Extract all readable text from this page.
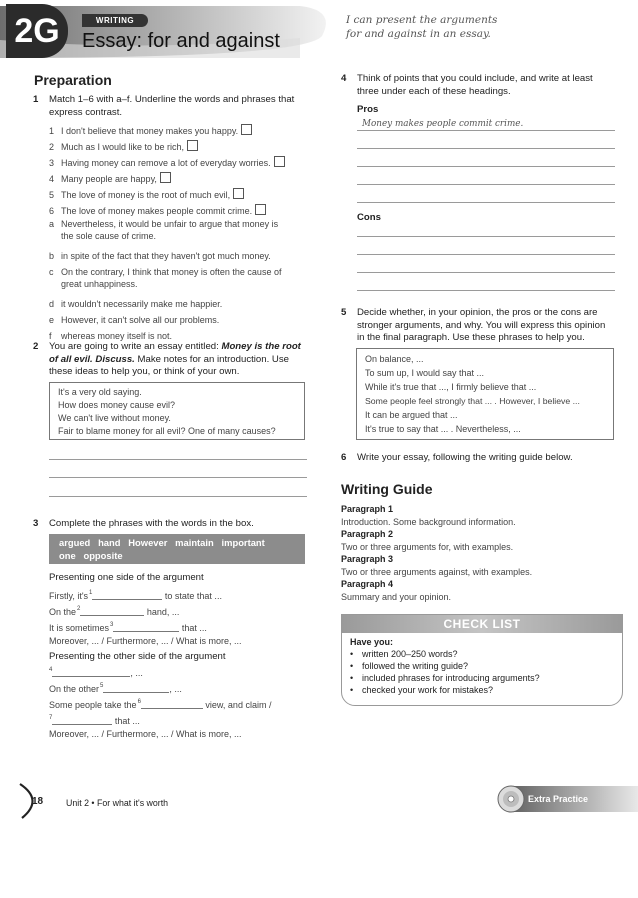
2G	WRITING
Essay: for and against
I can present the arguments
for and against in an essay.
Preparation
1 Match 1–6 with a–f. Underline the words and phrases that express contrast.
1 I don't believe that money makes you happy.
2 Much as I would like to be rich,
3 Having money can remove a lot of everyday worries.
4 Many people are happy,
5 The love of money is the root of much evil,
6 The love of money makes people commit crime.
a Nevertheless, it would be unfair to argue that money is
the sole cause of crime.
b in spite of the fact that they haven't got much money.
c On the contrary, I think that money is often the cause of
great unhappiness.
d it wouldn't necessarily make me happier.
e However, it can't solve all our problems.
f whereas money itself is not.
2 You are going to write an essay entitled: Money is the root
of all evil. Discuss. Make notes for an introduction. Use
these ideas to help you, or think of your own.
It's a very old saying.
How does money cause evil?
We can't live without money.
Fair to blame money for all evil? One of many causes?
3 Complete the phrases with the words in the box.
argued   hand   However   maintain   important
one   opposite
Presenting one side of the argument
Firstly, $it's^1$	to state that ...
On the$^2$	hand, ...
It is sometimes$^3$	that ...
Moreover, ... / Furthermore, ... / What is more, ...
Presenting the other side of the argument
$^4$	, ...
On the other$^5$	, ...
Some people take the$^6$	view, and claim /
$^7$	that ...
Moreover, ... / Furthermore, ... / What is more, ...
4 Think of points that you could include, and write at least
three under each of these headings.
Pros
Money makes people commit crime.
Cons
5 Decide whether, in your opinion, the pros or the cons are
stronger arguments, and why. You will express this opinion
in the final paragraph. Use these phrases to help you.
On balance, ...
To sum up, I would say that ...
While it's true that ..., I firmly believe that ...
Some people feel strongly that ... . However, I believe ...
It can be argued that ...
It's true to say that ... . Nevertheless, ...
6 Write your essay, following the writing guide below.
Writing Guide
Paragraph 1
Introduction. Some background information.
Paragraph 2
Two or three arguments for, with examples.
Paragraph 3
Two or three arguments against, with examples.
Paragraph 4
Summary and your opinion.
CHECK LIST
Have you:
• written 200–250 words?
• followed the writing guide?
• included phrases for introducing arguments?
• checked your work for mistakes?
18	Unit 2 • For what it's worth	Extra Practice
